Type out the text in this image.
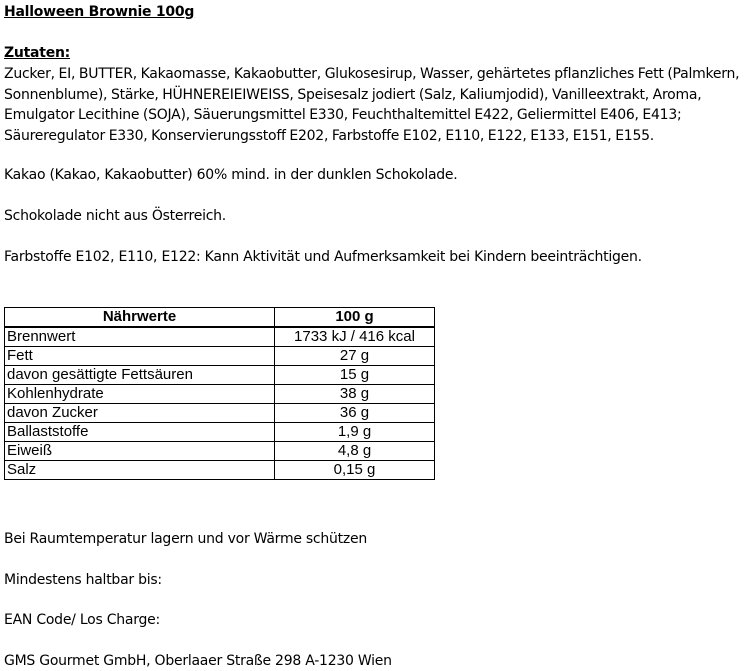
Halloween Brownie 100g
Zutaten:
Zucker, EI, BUTTER, Kakaomasse, Kakaobutter, Glukosesirup, Wasser, gehärtetes pflanzliches Fett (Palmkern, Sonnenblume), Stärke, HÜHNEREIEIWEISS, Speisesalz jodiert (Salz, Kaliumjodid), Vanilleextrakt, Aroma, Emulgator Lecithine (SOJA), Säuerungsmittel E330, Feuchthaltemittel E422, Geliermittel E406, E413; Säureregulator E330, Konservierungsstoff E202, Farbstoffe E102, E110, E122, E133, E151, E155.
Kakao (Kakao, Kakaobutter) 60% mind. in der dunklen Schokolade.
Schokolade nicht aus Österreich.
Farbstoffe E102, E110, E122: Kann Aktivität und Aufmerksamkeit bei Kindern beeinträchtigen.
Bei Raumtemperatur lagern und vor Wärme schützen
Mindestens haltbar bis:
EAN Code/ Los Charge:
GMS Gourmet GmbH, Oberlaaer Straße 298 A-1230 Wien
Nährwerte	100 g
Brennwert	1733 kJ / 416 kcal
Fett	27 g
davon gesättigte Fettsäuren	15 g
Kohlenhydrate	38 g
davon Zucker	36 g
Ballaststoffe	1,9 g
Eiweiß	4,8 g
Salz	0,15 g
